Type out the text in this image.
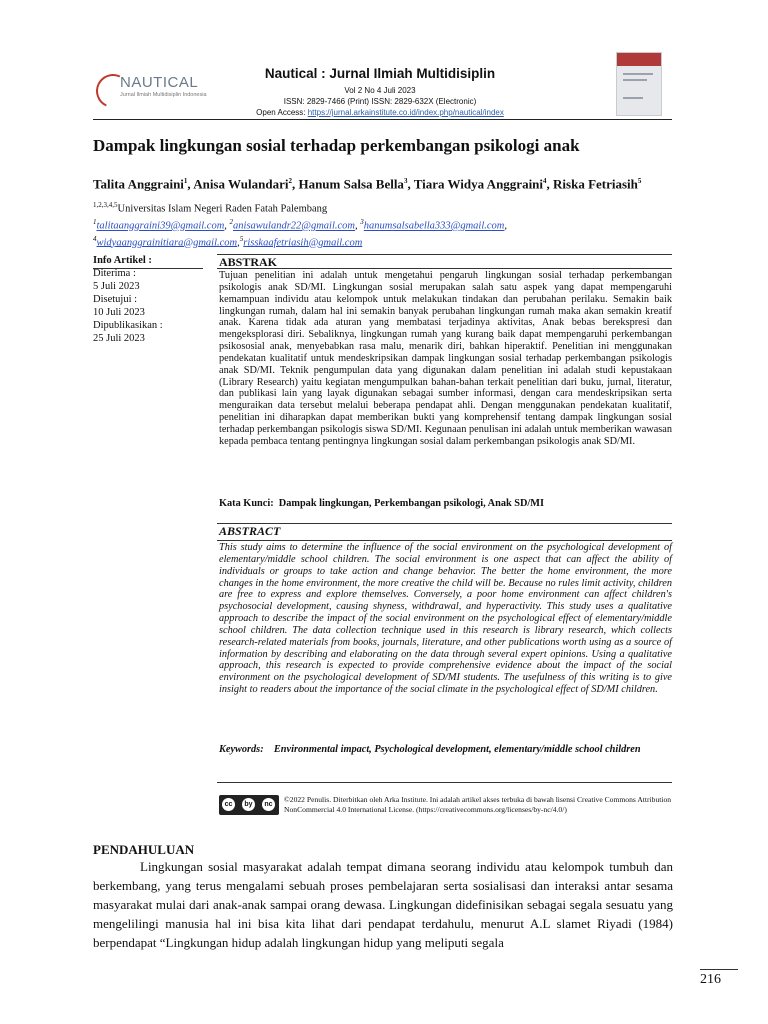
NAUTICAL
Jurnal Ilmiah Multidisiplin Indonesia
Nautical : Jurnal Ilmiah Multidisiplin
Vol 2 No 4 Juli 2023
ISSN: 2829-7466 (Print) ISSN: 2829-632X (Electronic)
Open Access: https://jurnal.arkainstitute.co.id/index.php/nautical/index
Dampak lingkungan sosial terhadap perkembangan psikologi anak
Talita Anggraini$^1$, Anisa Wulandari$^2$, Hanum Salsa Bella$^3$, Tiara Widya Anggraini$^4$, Riska Fetriasih$^5$
$^{1,2,3,4,5}$Universitas Islam Negeri Raden Fatah Palembang
$^1$talitaanggraini39@gmail.com, $^2$anisawulandr22@gmail.com, $^3$hanumsalsabella333@gmail.com,
$^4$widyaanggrainitiara@gmail.com,$^5$risskaafetriasih@gmail.com
Info Artikel :
Diterima :
5 Juli 2023
Disetujui :
10 Juli 2023
Dipublikasikan :
25 Juli 2023
ABSTRAK
Tujuan penelitian ini adalah untuk mengetahui pengaruh lingkungan sosial terhadap perkembangan psikologis anak SD/MI. Lingkungan sosial merupakan salah satu aspek yang dapat mempengaruhi kemampuan individu atau kelompok untuk melakukan tindakan dan perubahan perilaku. Semakin baik lingkungan rumah, dalam hal ini semakin banyak perubahan lingkungan rumah maka akan semakin kreatif anak. Karena tidak ada aturan yang membatasi terjadinya aktivitas, Anak bebas berekspresi dan mengeksplorasi diri. Sebaliknya, lingkungan rumah yang kurang baik dapat mempengaruhi perkembangan psikososial anak, menyebabkan rasa malu, menarik diri, bahkan hiperaktif. Penelitian ini menggunakan pendekatan kualitatif untuk mendeskripsikan dampak lingkungan sosial terhadap perkembangan psikologis anak SD/MI. Teknik pengumpulan data yang digunakan dalam penelitian ini adalah studi kepustakaan (Library Research) yaitu kegiatan mengumpulkan bahan-bahan terkait penelitian dari buku, jurnal, literatur, dan publikasi lain yang layak digunakan sebagai sumber informasi, dengan cara mendeskripsikan serta menguraikan data tersebut melalui beberapa pendapat ahli. Dengan menggunakan pendekatan kualitatif, penelitian ini diharapkan dapat memberikan bukti yang komprehensif tentang dampak lingkungan sosial terhadap perkembangan psikologis siswa SD/MI. Kegunaan penulisan ini adalah untuk memberikan wawasan kepada pembaca tentang pentingnya lingkungan sosial dalam perkembangan psikologis anak SD/MI.
Kata Kunci: Dampak lingkungan, Perkembangan psikologi, Anak SD/MI
ABSTRACT
This study aims to determine the influence of the social environment on the psychological development of elementary/middle school children. The social environment is one aspect that can affect the ability of individuals or groups to take action and change behavior. The better the home environment, the more changes in the home environment, the more creative the child will be. Because no rules limit activity, children are free to express and explore themselves. Conversely, a poor home environment can affect children's psychosocial development, causing shyness, withdrawal, and hyperactivity. This study uses a qualitative approach to describe the impact of the social environment on the psychological effect of elementary/middle school children. The data collection technique used in this research is library research, which collects research-related materials from books, journals, literature, and other publications worth using as a source of information by describing and elaborating on the data through several expert opinions. Using a qualitative approach, this research is expected to provide comprehensive evidence about the impact of the social environment on the psychological development of SD/MI students. The usefulness of this writing is to give insight to readers about the importance of the social climate in the psychological effect of SD/MI children.
Keywords: Environmental impact, Psychological development, elementary/middle school children
cc	by	nc
©2022 Penulis. Diterbitkan oleh Arka Institute. Ini adalah artikel akses terbuka di bawah lisensi Creative Commons Attribution NonCommercial 4.0 International License. (https://creativecommons.org/licenses/by-nc/4.0/)
PENDAHULUAN
Lingkungan sosial masyarakat adalah tempat dimana seorang individu atau kelompok tumbuh dan berkembang, yang terus mengalami sebuah proses pembelajaran serta sosialisasi dan interaksi antar sesama masyarakat mulai dari anak-anak sampai orang dewasa. Lingkungan didefinisikan sebagai segala sesuatu yang mengelilingi manusia hal ini bisa kita lihat dari pendapat terdahulu, menurut A.L slamet Riyadi (1984) berpendapat “Lingkungan hidup adalah lingkungan hidup yang meliputi segala
216
